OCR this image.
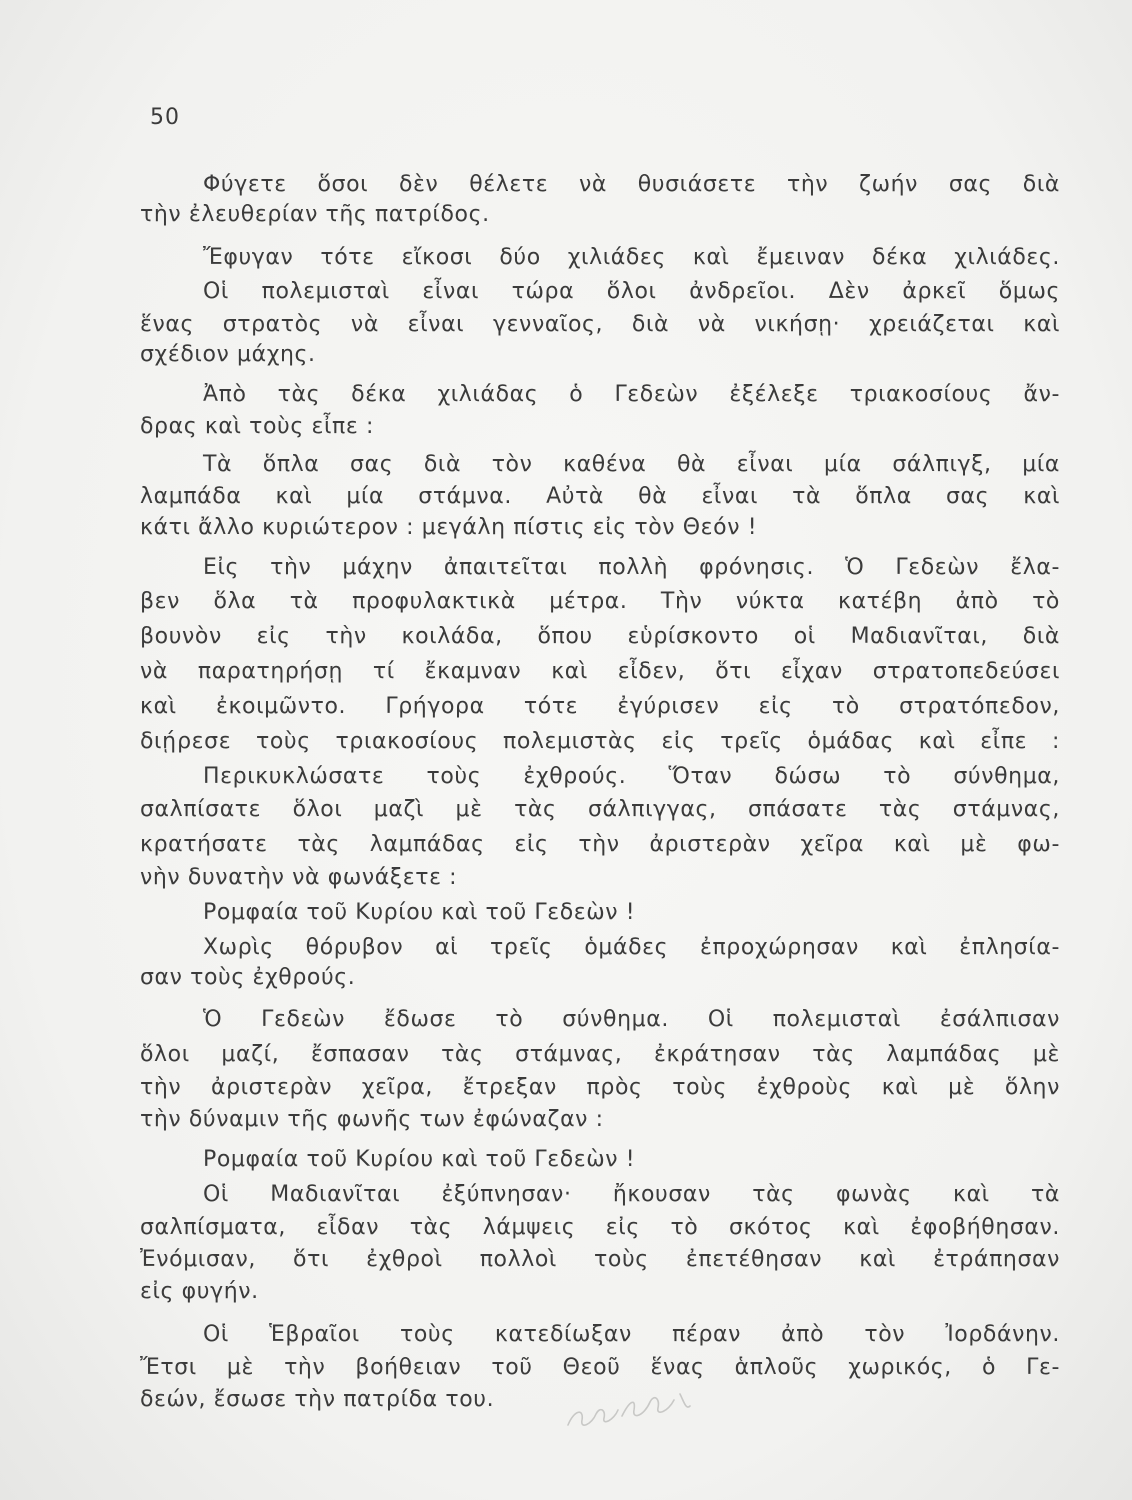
50
Φύγετε ὅσοι δὲν θέλετε νὰ θυσιάσετε τὴν ζωήν σας διὰ
τὴν ἐλευθερίαν τῆς πατρίδος.
Ἔφυγαν τότε εἴκοσι δύο χιλιάδες καὶ ἔμειναν δέκα χιλιάδες.
Οἱ πολεμισταὶ εἶναι τώρα ὅλοι ἀνδρεῖοι. Δὲν ἀρκεῖ ὅμως
ἕνας στρατὸς νὰ εἶναι γενναῖος, διὰ νὰ νικήσῃ· χρειάζεται καὶ
σχέδιον μάχης.
Ἀπὸ τὰς δέκα χιλιάδας ὁ Γεδεὼν ἐξέλεξε τριακοσίους ἄν-
δρας καὶ τοὺς εἶπε :
Τὰ ὅπλα σας διὰ τὸν καθένα θὰ εἶναι μία σάλπιγξ, μία
λαμπάδα καὶ μία στάμνα. Αὐτὰ θὰ εἶναι τὰ ὅπλα σας καὶ
κάτι ἄλλο κυριώτερον : μεγάλη πίστις εἰς τὸν Θεόν !
Εἰς τὴν μάχην ἀπαιτεῖται πολλὴ φρόνησις. Ὁ Γεδεὼν ἔλα-
βεν ὅλα τὰ προφυλακτικὰ μέτρα. Τὴν νύκτα κατέβη ἀπὸ τὸ
βουνὸν εἰς τὴν κοιλάδα, ὅπου εὑρίσκοντο οἱ Μαδιανῖται, διὰ
νὰ παρατηρήσῃ τί ἔκαμναν καὶ εἶδεν, ὅτι εἶχαν στρατοπεδεύσει
καὶ ἐκοιμῶντο. Γρήγορα τότε ἐγύρισεν εἰς τὸ στρατόπεδον,
διῄρεσε τοὺς τριακοσίους πολεμιστὰς εἰς τρεῖς ὁμάδας καὶ εἶπε :
Περικυκλώσατε τοὺς ἐχθρούς. Ὅταν δώσω τὸ σύνθημα,
σαλπίσατε ὅλοι μαζὶ μὲ τὰς σάλπιγγας, σπάσατε τὰς στάμνας,
κρατήσατε τὰς λαμπάδας εἰς τὴν ἀριστερὰν χεῖρα καὶ μὲ φω-
νὴν δυνατὴν νὰ φωνάξετε :
Ρομφαία τοῦ Κυρίου καὶ τοῦ Γεδεὼν !
Χωρὶς θόρυβον αἱ τρεῖς ὁμάδες ἐπροχώρησαν καὶ ἐπλησία-
σαν τοὺς ἐχθρούς.
Ὁ Γεδεὼν ἔδωσε τὸ σύνθημα. Οἱ πολεμισταὶ ἐσάλπισαν
ὅλοι μαζί, ἔσπασαν τὰς στάμνας, ἐκράτησαν τὰς λαμπάδας μὲ
τὴν ἀριστερὰν χεῖρα, ἔτρεξαν πρὸς τοὺς ἐχθροὺς καὶ μὲ ὅλην
τὴν δύναμιν τῆς φωνῆς των ἐφώναζαν :
Ρομφαία τοῦ Κυρίου καὶ τοῦ Γεδεὼν !
Οἱ Μαδιανῖται ἐξύπνησαν· ἤκουσαν τὰς φωνὰς καὶ τὰ
σαλπίσματα, εἶδαν τὰς λάμψεις εἰς τὸ σκότος καὶ ἐφοβήθησαν.
Ἐνόμισαν, ὅτι ἐχθροὶ πολλοὶ τοὺς ἐπετέθησαν καὶ ἐτράπησαν
εἰς φυγήν.
Οἱ Ἑβραῖοι τοὺς κατεδίωξαν πέραν ἀπὸ τὸν Ἰορδάνην.
Ἔτσι μὲ τὴν βοήθειαν τοῦ Θεοῦ ἕνας ἁπλοῦς χωρικός, ὁ Γε-
δεών, ἔσωσε τὴν πατρίδα του.
